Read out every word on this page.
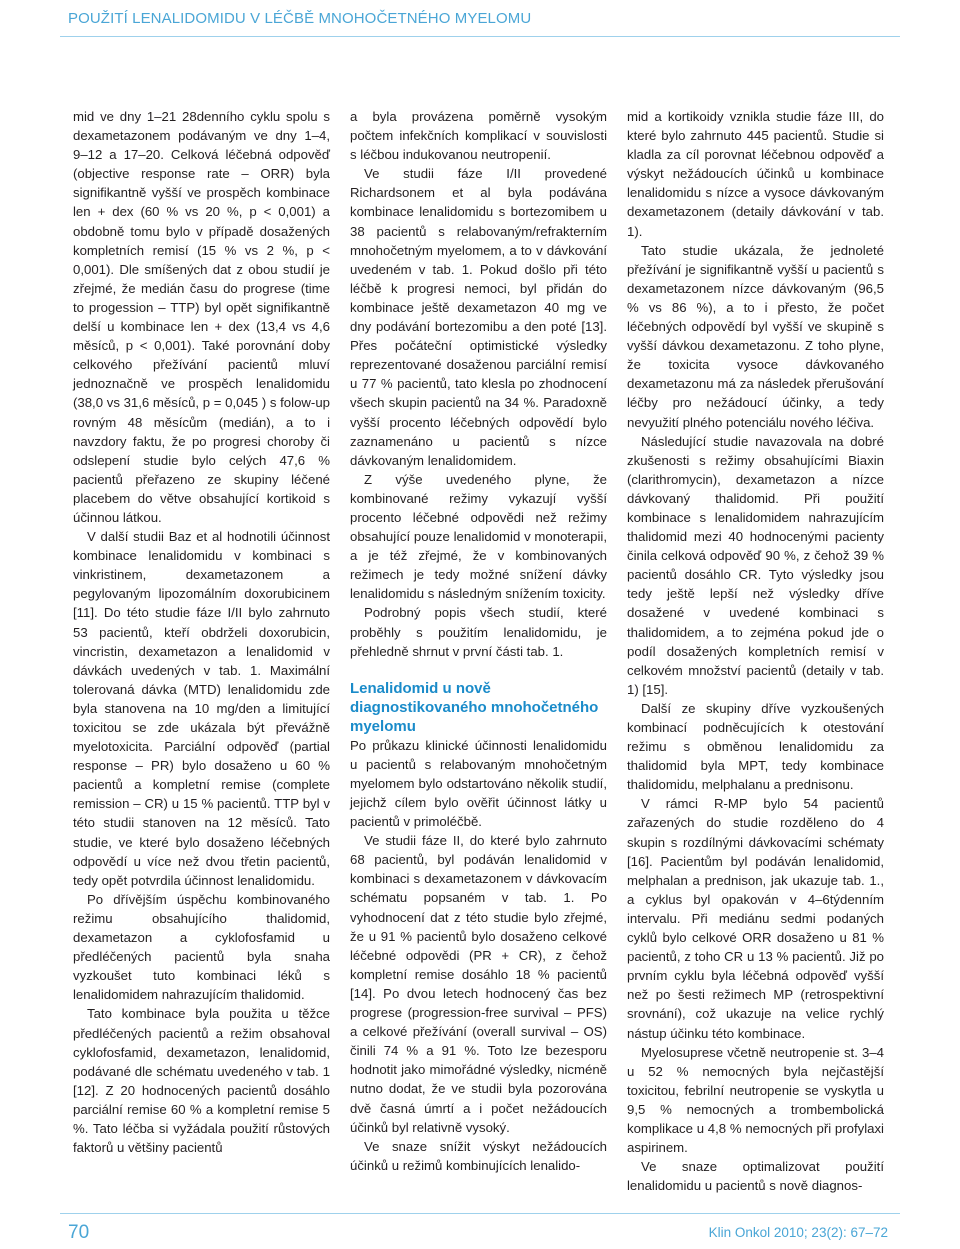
POUŽITÍ LENALIDOMIDU V LÉČBĚ MNOHOČETNÉHO MYELOMU

mid ve dny 1–21 28denního cyklu spolu s dexametazonem podávaným ve dny 1–4, 9–12 a 17–20. Celková léčebná odpověď (objective response rate – ORR) byla signifikantně vyšší ve prospěch kombinace len + dex (60 % vs 20 %, p < 0,001) a obdobně tomu bylo v případě dosažených kompletních remisí (15 % vs 2 %, p < 0,001). Dle smíšených dat z obou studií je zřejmé, že medián času do progrese (time to progession – TTP) byl opět signifikantně delší u kombinace len + dex (13,4 vs 4,6 měsíců, p < 0,001). Také porovnání doby celkového přežívání pacientů mluví jednoznačně ve prospěch lenalidomidu (38,0 vs 31,6 měsíců, p = 0,045 ) s folow-up rovným 48 měsícům (medián), a to i navzdory faktu, že po progresi choroby či odslepení studie bylo celých 47,6 % pacientů přeřazeno ze skupiny léčené placebem do větve obsahující kortikoid s účinnou látkou.

V další studii Baz et al hodnotili účinnost kombinace lenalidomidu v kombinaci s vinkristinem, dexametazonem a pegylovaným lipozomálním doxorubicinem [11]. Do této studie fáze I/II bylo zahrnuto 53 pacientů, kteří obdrželi doxorubicin, vincristin, dexametazon a lenalidomid v dávkách uvedených v tab. 1. Maximální tolerovaná dávka (MTD) lenalidomidu zde byla stanovena na 10 mg/den a limitující toxicitou se zde ukázala být převážně myelotoxicita. Parciální odpověď (partial response – PR) bylo dosaženo u 60 % pacientů a kompletní remise (complete remission – CR) u 15 % pacientů. TTP byl v této studii stanoven na 12 měsíců. Tato studie, ve které bylo dosaženo léčebných odpovědí u více než dvou třetin pacientů, tedy opět potvrdila účinnost lenalidomidu.

Po dřívějším úspěchu kombinovaného režimu obsahujícího thalidomid, dexametazon a cyklofosfamid u předléčených pacientů byla snaha vyzkoušet tuto kombinaci léků s lenalidomidem nahrazujícím thalidomid.

Tato kombinace byla použita u těžce předléčených pacientů a režim obsahoval cyklofosfamid, dexametazon, lenalidomid, podávané dle schématu uvedeného v tab. 1 [12]. Z 20 hodnocených pacientů dosáhlo parciální remise 60 % a kompletní remise 5 %. Tato léčba si vyžádala použití růstových faktorů u většiny pacientů

a byla provázena poměrně vysokým počtem infekčních komplikací v souvislosti s léčbou indukovanou neutropenií.

Ve studii fáze I/II provedené Richardsonem et al byla podávána kombinace lenalidomidu s bortezomibem u 38 pacientů s relabovaným/refrakterním mnohočetným myelomem, a to v dávkování uvedeném v tab. 1. Pokud došlo při této léčbě k progresi nemoci, byl přidán do kombinace ještě dexametazon 40 mg ve dny podávání bortezomibu a den poté [13]. Přes počáteční optimistické výsledky reprezentované dosaženou parciální remisí u 77 % pacientů, tato klesla po zhodnocení všech skupin pacientů na 34 %. Paradoxně vyšší procento léčebných odpovědí bylo zaznamenáno u pacientů s nízce dávkovaným lenalidomidem.

Z výše uvedeného plyne, že kombinované režimy vykazují vyšší procento léčebné odpovědi než režimy obsahující pouze lenalidomid v monoterapii, a je též zřejmé, že v kombinovaných režimech je tedy možné snížení dávky lenalidomidu s následným snížením toxicity.

Podrobný popis všech studií, které proběhly s použitím lenalidomidu, je přehledně shrnut v první části tab. 1.

Lenalidomid u nově diagnostikovaného mnohočetného myelomu

Po průkazu klinické účinnosti lenalidomidu u pacientů s relabovaným mnohočetným myelomem bylo odstartováno několik studií, jejichž cílem bylo ověřit účinnost látky u pacientů v primoléčbě.

Ve studii fáze II, do které bylo zahrnuto 68 pacientů, byl podáván lenalidomid v kombinaci s dexametazonem v dávkovacím schématu popsaném v tab. 1. Po vyhodnocení dat z této studie bylo zřejmé, že u 91 % pacientů bylo dosaženo celkové léčebné odpovědi (PR + CR), z čehož kompletní remise dosáhlo 18 % pacientů [14]. Po dvou letech hodnocený čas bez progrese (progression-free survival – PFS) a celkové přežívání (overall survival – OS) činili 74 % a 91 %. Toto lze bezesporu hodnotit jako mimořádné výsledky, nicméně nutno dodat, že ve studii byla pozorována dvě časná úmrtí a i počet nežádoucích účinků byl relativně vysoký.

Ve snaze snížit výskyt nežádoucích účinků u režimů kombinujících lenalido-

mid a kortikoidy vznikla studie fáze III, do které bylo zahrnuto 445 pacientů. Studie si kladla za cíl porovnat léčebnou odpověď a výskyt nežádoucích účinků u kombinace lenalidomidu s nízce a vysoce dávkovaným dexametazonem (detaily dávkování v tab. 1).

Tato studie ukázala, že jednoleté přežívání je signifikantně vyšší u pacientů s dexametazonem nízce dávkovaným (96,5 % vs 86 %), a to i přesto, že počet léčebných odpovědí byl vyšší ve skupině s vyšší dávkou dexametazonu. Z toho plyne, že toxicita vysoce dávkovaného dexametazonu má za následek přerušování léčby pro nežádoucí účinky, a tedy nevyužití plného potenciálu nového léčiva.

Následující studie navazovala na dobré zkušenosti s režimy obsahujícími Biaxin (clarithromycin), dexametazon a nízce dávkovaný thalidomid. Při použití kombinace s lenalidomidem nahrazujícím thalidomid mezi 40 hodnocenými pacienty činila celková odpověď 90 %, z čehož 39 % pacientů dosáhlo CR. Tyto výsledky jsou tedy ještě lepší než výsledky dříve dosažené v uvedené kombinaci s thalidomidem, a to zejména pokud jde o podíl dosažených kompletních remisí v celkovém množství pacientů (detaily v tab. 1) [15].

Další ze skupiny dříve vyzkoušených kombinací podněcujících k otestování režimu s obměnou lenalidomidu za thalidomid byla MPT, tedy kombinace thalidomidu, melphalanu a prednisonu.

V rámci R-MP bylo 54 pacientů zařazených do studie rozděleno do 4 skupin s rozdílnými dávkovacími schématy [16]. Pacientům byl podáván lenalidomid, melphalan a prednison, jak ukazuje tab. 1., a cyklus byl opakován v 4–6týdenním intervalu. Při mediánu sedmi podaných cyklů bylo celkové ORR dosaženo u 81 % pacientů, z toho CR u 13 % pacientů. Již po prvním cyklu byla léčebná odpověď vyšší než po šesti režimech MP (retrospektivní srovnání), což ukazuje na velice rychlý nástup účinku této kombinace.

Myelosuprese včetně neutropenie st. 3–4 u 52 % nemocných byla nejčastější toxicitou, febrilní neutropenie se vyskytla u 9,5 % nemocných a trombembolická komplikace u 4,8 % nemocných při profylaxi aspirinem.

Ve snaze optimalizovat použití lenalidomidu u pacientů s nově diagnos-

70	Klin Onkol 2010; 23(2): 67–72
